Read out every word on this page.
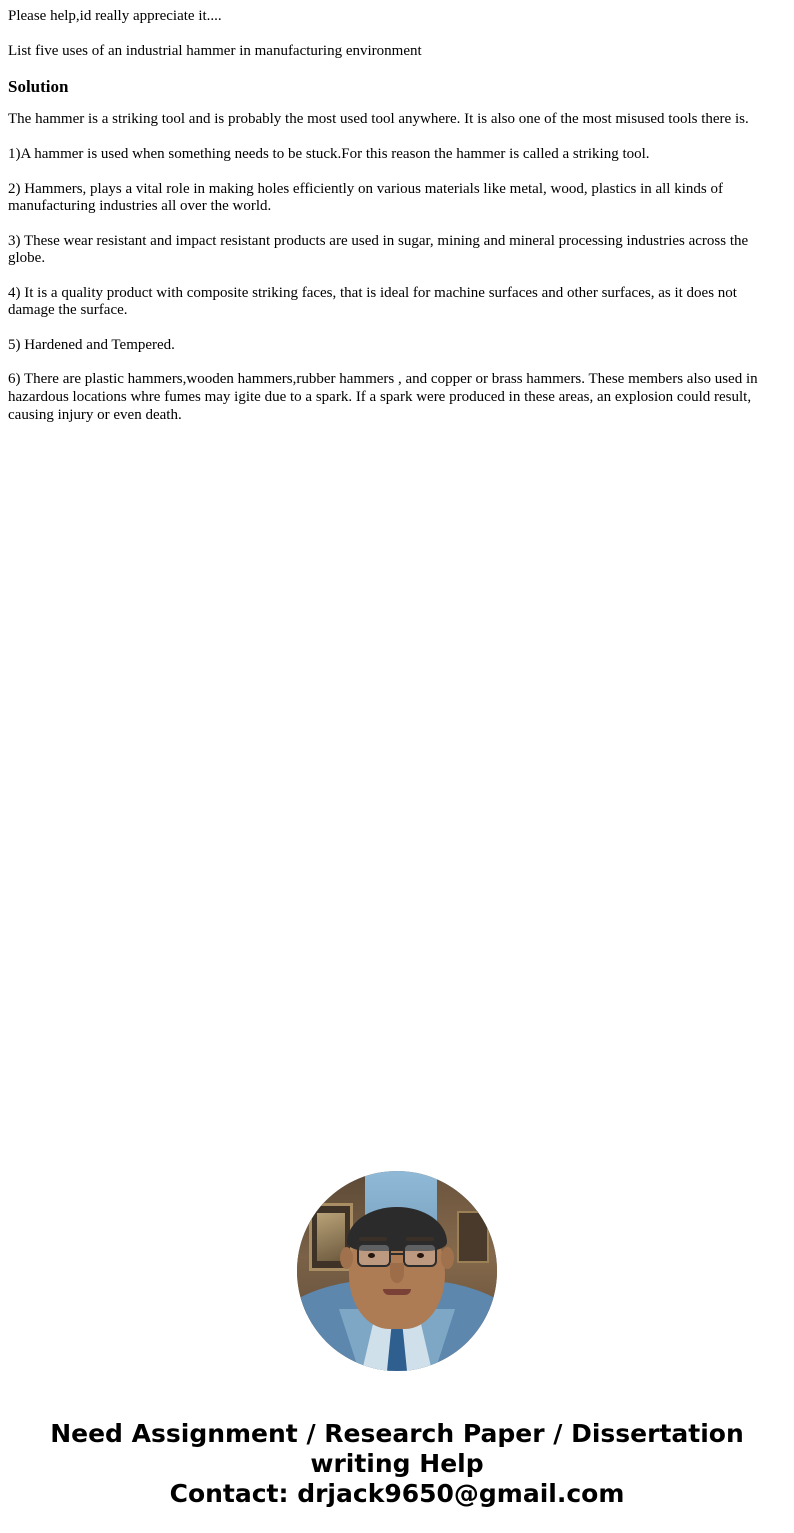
Please help,id really appreciate it....

List five uses of an industrial hammer in manufacturing environment

Solution

The hammer is a striking tool and is probably the most used tool anywhere. It is also one of the most misused tools there is.

1)A hammer is used when something needs to be stuck.For this reason the hammer is called a striking tool.

2) Hammers, plays a vital role in making holes efficiently on various materials like metal, wood, plastics in all kinds of manufacturing industries all over the world.

3) These wear resistant and impact resistant products are used in sugar, mining and mineral processing industries across the globe.

4) It is a quality product with composite striking faces, that is ideal for machine surfaces and other surfaces, as it does not damage the surface.

5) Hardened and Tempered.

6) There are plastic hammers,wooden hammers,rubber hammers , and copper or brass hammers. These members also used in hazardous locations whre fumes may igite due to a spark. If a spark were produced in these areas, an explosion could result, causing injury or even death.

Need Assignment / Research Paper / Dissertation writing Help
Contact: drjack9650@gmail.com
